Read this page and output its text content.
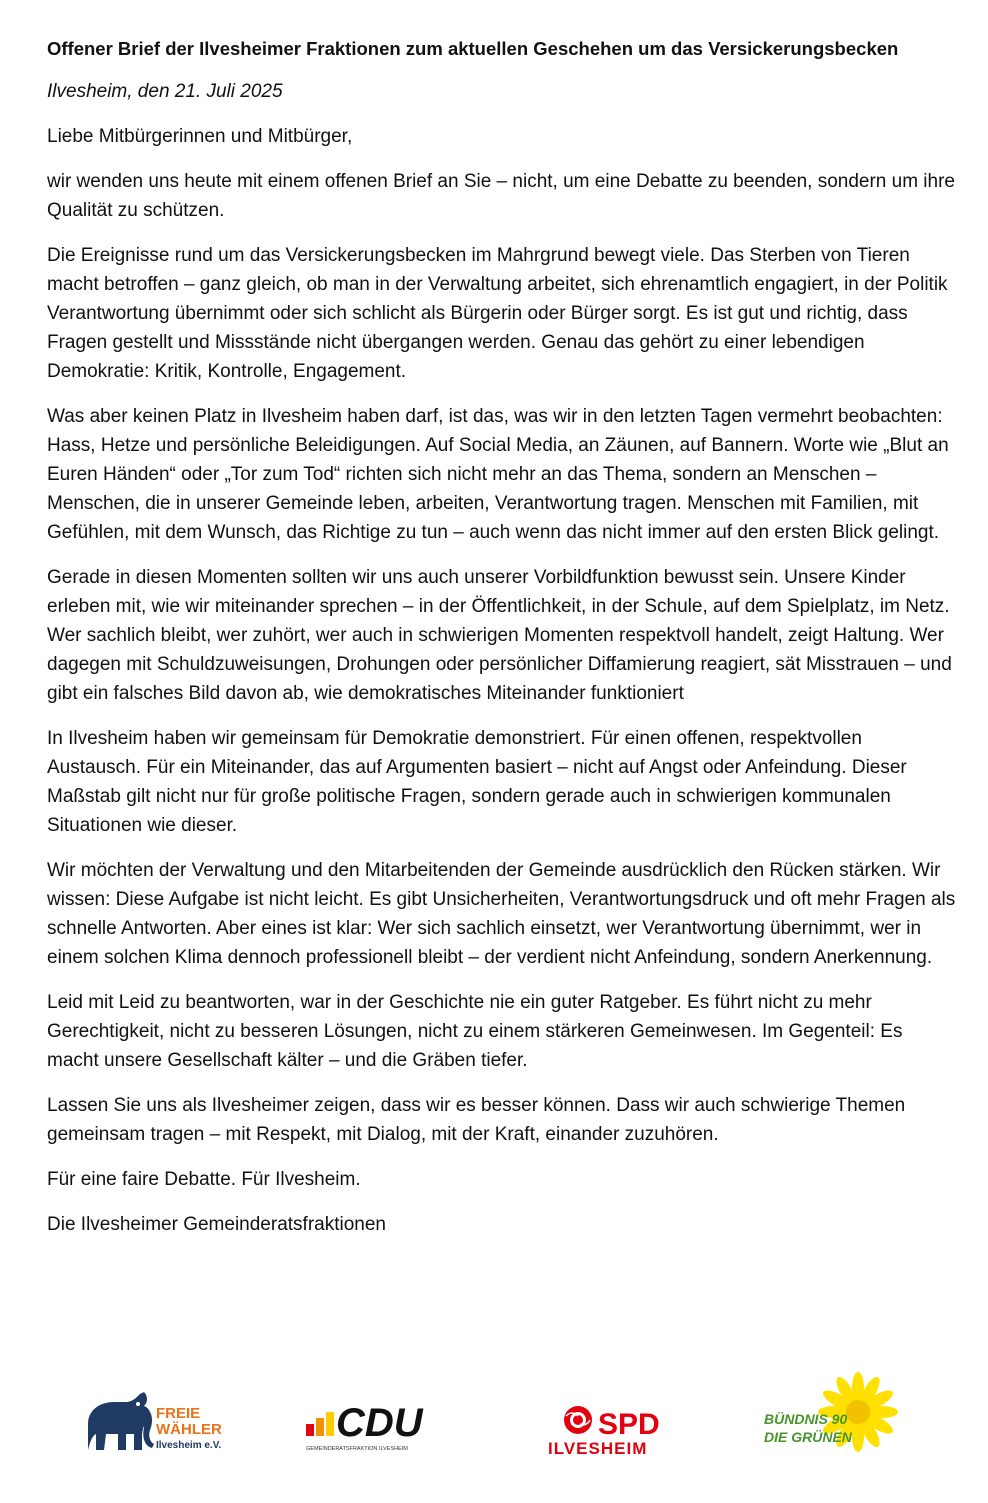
Offener Brief der Ilvesheimer Fraktionen zum aktuellen Geschehen um das Versickerungsbecken
Ilvesheim, den 21. Juli 2025

Liebe Mitbürgerinnen und Mitbürger,

wir wenden uns heute mit einem offenen Brief an Sie – nicht, um eine Debatte zu beenden, sondern um ihre Qualität zu schützen.

Die Ereignisse rund um das Versickerungsbecken im Mahrgrund bewegt viele. Das Sterben von Tieren macht betroffen – ganz gleich, ob man in der Verwaltung arbeitet, sich ehrenamtlich engagiert, in der Politik Verantwortung übernimmt oder sich schlicht als Bürgerin oder Bürger sorgt. Es ist gut und richtig, dass Fragen gestellt und Missstände nicht übergangen werden. Genau das gehört zu einer lebendigen Demokratie: Kritik, Kontrolle, Engagement.

Was aber keinen Platz in Ilvesheim haben darf, ist das, was wir in den letzten Tagen vermehrt beobachten: Hass, Hetze und persönliche Beleidigungen. Auf Social Media, an Zäunen, auf Bannern. Worte wie „Blut an Euren Händen“ oder „Tor zum Tod“ richten sich nicht mehr an das Thema, sondern an Menschen – Menschen, die in unserer Gemeinde leben, arbeiten, Verantwortung tragen. Menschen mit Familien, mit Gefühlen, mit dem Wunsch, das Richtige zu tun – auch wenn das nicht immer auf den ersten Blick gelingt.

Gerade in diesen Momenten sollten wir uns auch unserer Vorbildfunktion bewusst sein. Unsere Kinder erleben mit, wie wir miteinander sprechen – in der Öffentlichkeit, in der Schule, auf dem Spielplatz, im Netz. Wer sachlich bleibt, wer zuhört, wer auch in schwierigen Momenten respektvoll handelt, zeigt Haltung. Wer dagegen mit Schuldzuweisungen, Drohungen oder persönlicher Diffamierung reagiert, sät Misstrauen – und gibt ein falsches Bild davon ab, wie demokratisches Miteinander funktioniert

In Ilvesheim haben wir gemeinsam für Demokratie demonstriert. Für einen offenen, respektvollen Austausch. Für ein Miteinander, das auf Argumenten basiert – nicht auf Angst oder Anfeindung. Dieser Maßstab gilt nicht nur für große politische Fragen, sondern gerade auch in schwierigen kommunalen Situationen wie dieser.

Wir möchten der Verwaltung und den Mitarbeitenden der Gemeinde ausdrücklich den Rücken stärken. Wir wissen: Diese Aufgabe ist nicht leicht. Es gibt Unsicherheiten, Verantwortungsdruck und oft mehr Fragen als schnelle Antworten. Aber eines ist klar: Wer sich sachlich einsetzt, wer Verantwortung übernimmt, wer in einem solchen Klima dennoch professionell bleibt – der verdient nicht Anfeindung, sondern Anerkennung.

Leid mit Leid zu beantworten, war in der Geschichte nie ein guter Ratgeber. Es führt nicht zu mehr Gerechtigkeit, nicht zu besseren Lösungen, nicht zu einem stärkeren Gemeinwesen. Im Gegenteil: Es macht unsere Gesellschaft kälter – und die Gräben tiefer.

Lassen Sie uns als Ilvesheimer zeigen, dass wir es besser können. Dass wir auch schwierige Themen gemeinsam tragen – mit Respekt, mit Dialog, mit der Kraft, einander zuzuhören.

Für eine faire Debatte. Für Ilvesheim.

Die Ilvesheimer Gemeinderatsfraktionen

FREIE
WÄHLER
Ilvesheim e.V.
CDU
GEMEINDERATSFRAKTION ILVESHEIM
SPD
ILVESHEIM
BÜNDNIS 90
DIE GRÜNEN
